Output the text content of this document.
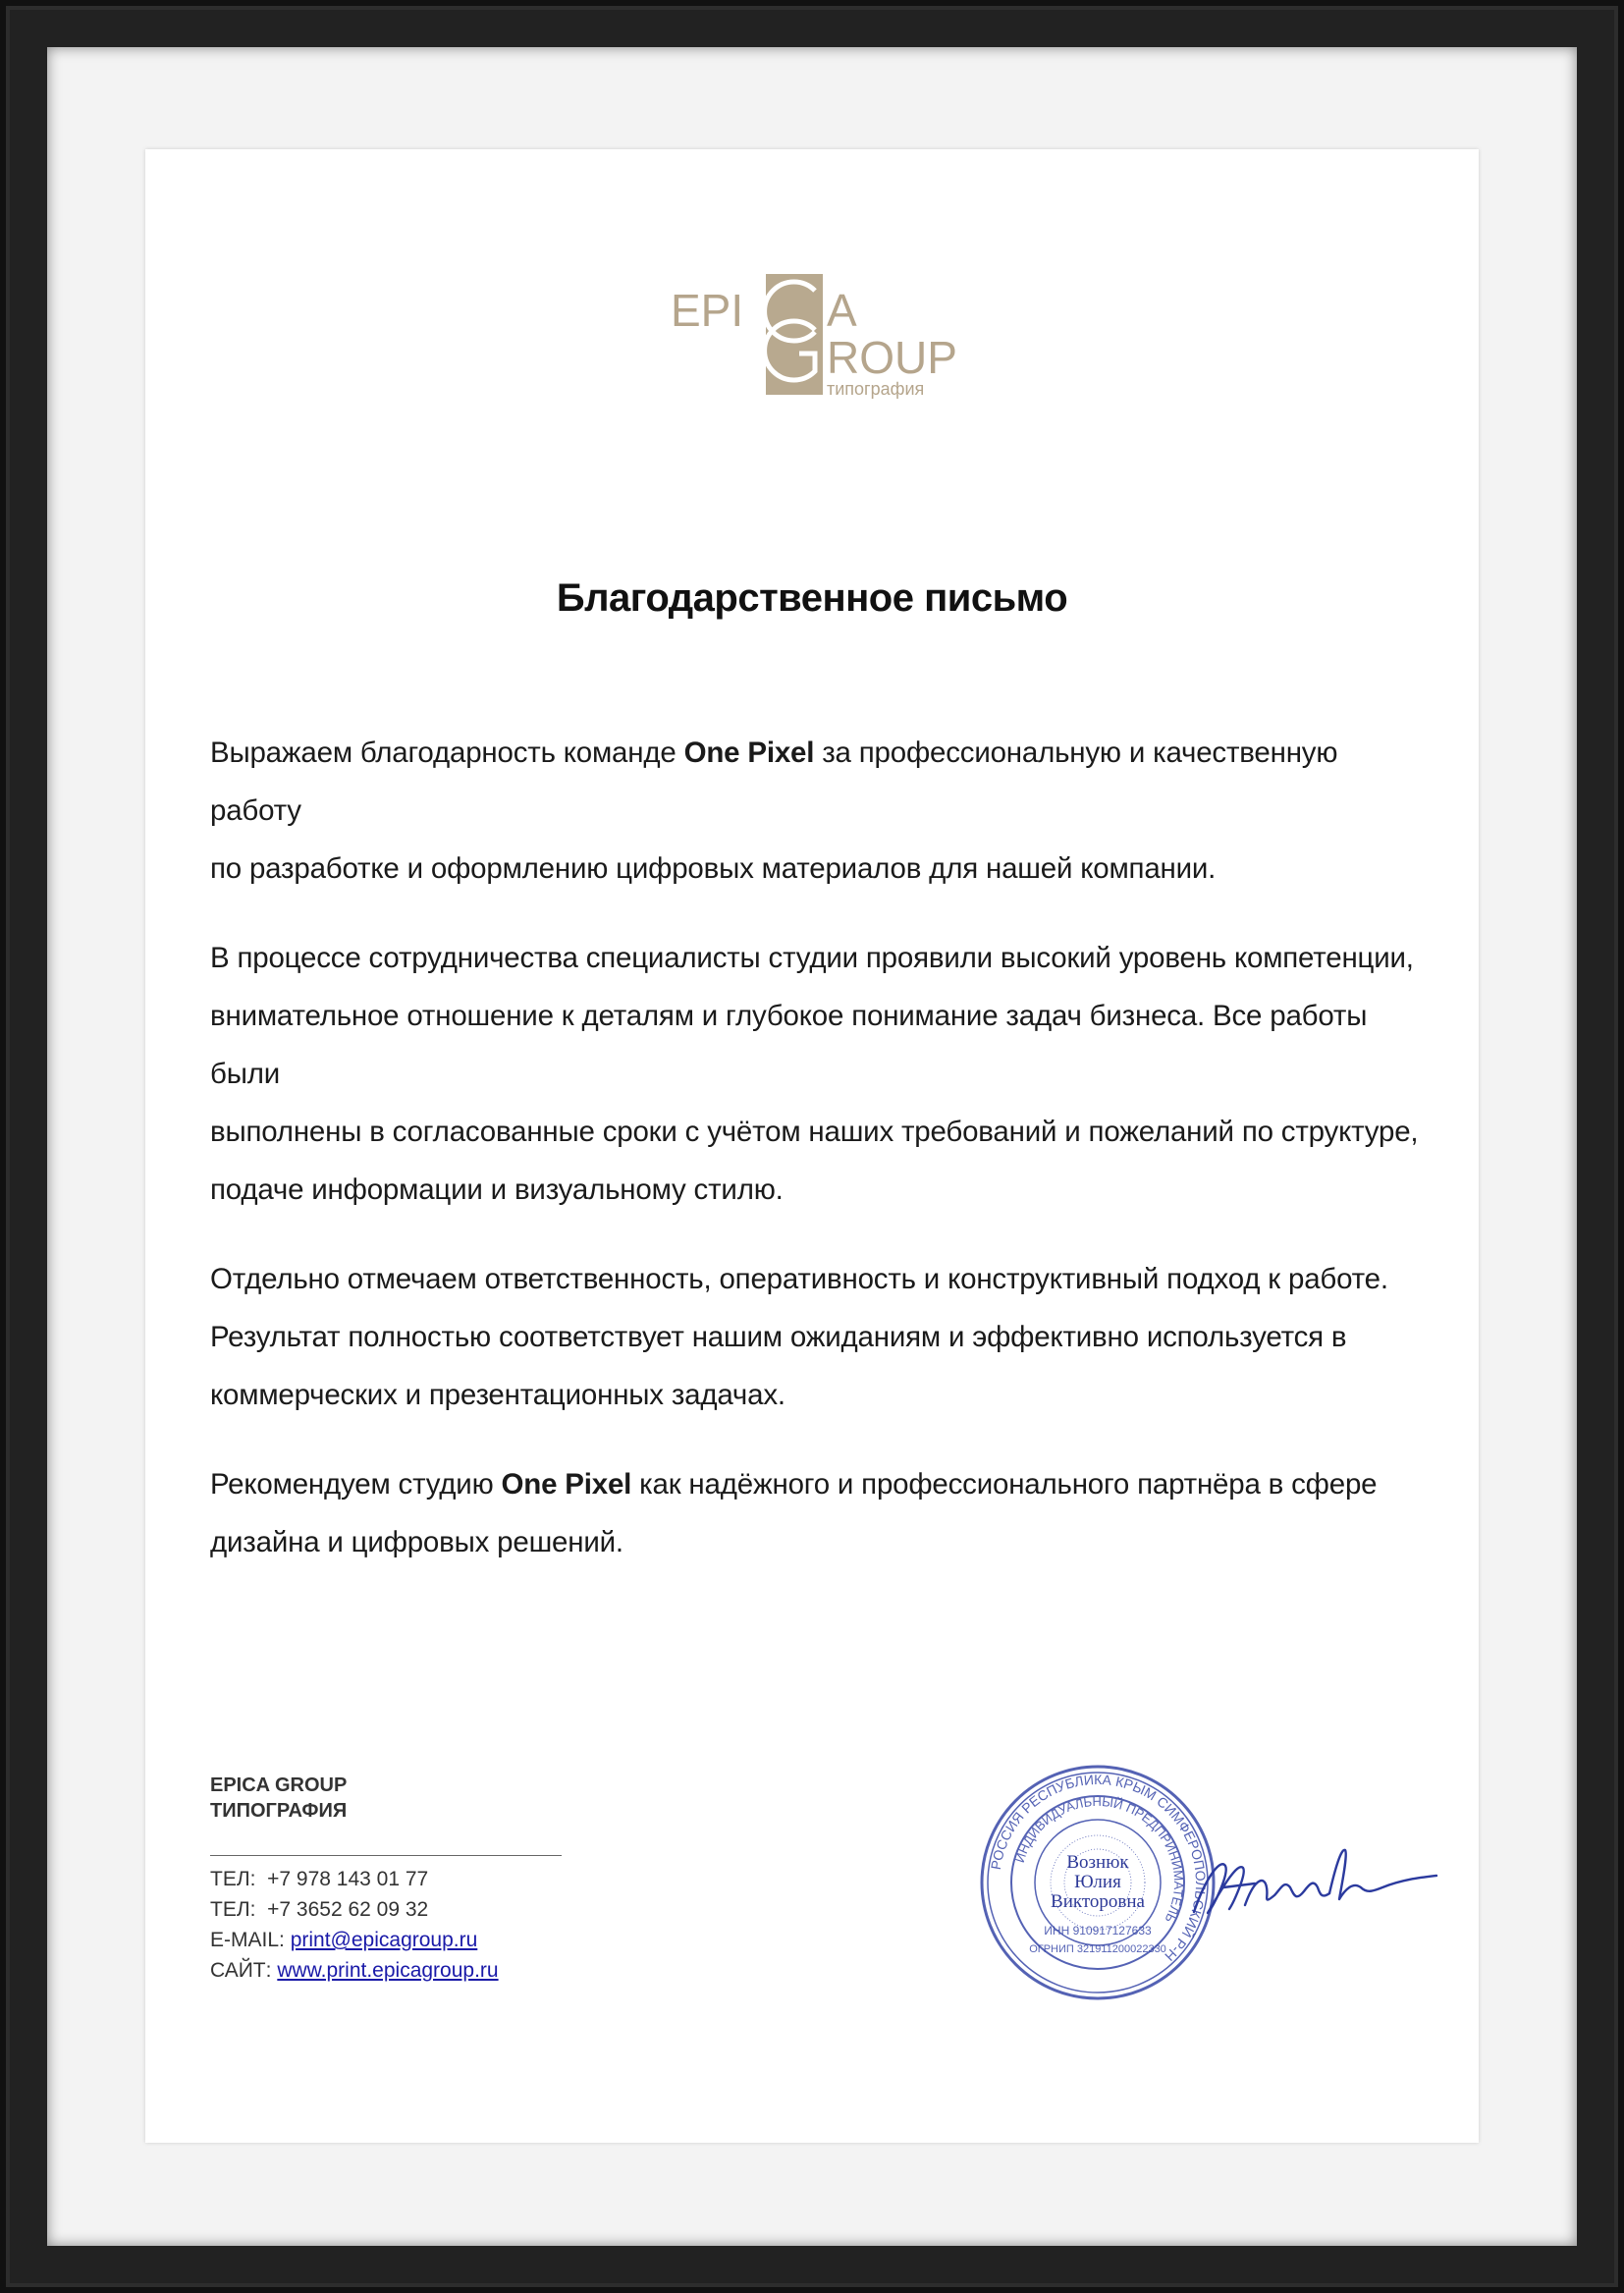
EPI A
ROUP
типография
Благодарственное письмо

Выражаем благодарность команде One Pixel за профессиональную и качественную работу
по разработке и оформлению цифровых материалов для нашей компании.

В процессе сотрудничества специалисты студии проявили высокий уровень компетенции,
внимательное отношение к деталям и глубокое понимание задач бизнеса. Все работы были
выполнены в согласованные сроки с учётом наших требований и пожеланий по структуре,
подаче информации и визуальному стилю.

Отдельно отмечаем ответственность, оперативность и конструктивный подход к работе.
Результат полностью соответствует нашим ожиданиям и эффективно используется в
коммерческих и презентационных задачах.

Рекомендуем студию One Pixel как надёжного и профессионального партнёра в сфере
дизайна и цифровых решений.

EPICA GROUP
ТИПОГРАФИЯ
ТЕЛ: +7 978 143 01 77
ТЕЛ: +7 3652 62 09 32
E-MAIL: print@epicagroup.ru
САЙТ: www.print.epicagroup.ru
РОССИЯ РЕСПУБЛИКА КРЫМ СИМФЕРОПОЛЬСКИЙ Р-Н
ИНДИВИДУАЛЬНЫЙ ПРЕДПРИНИМАТЕЛЬ
ИНН 910917127633
ОГРНИП 321911200022330
Вознюк
Юлия
Викторовна
